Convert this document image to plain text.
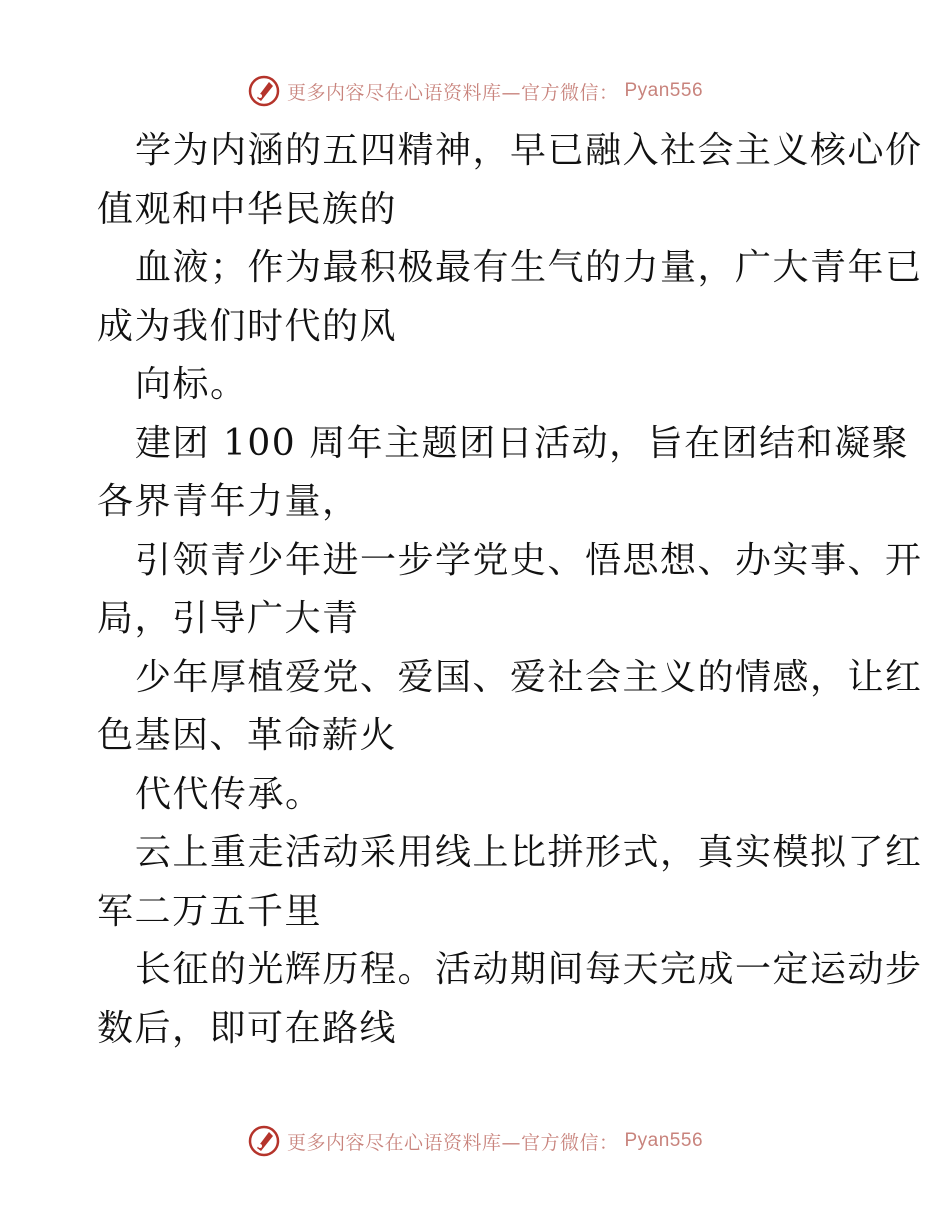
更多内容尽在心语资料库—官方微信： Pyan556
学为内涵的五四精神，早已融入社会主义核心价
值观和中华民族的
血液；作为最积极最有生气的力量，广大青年已
成为我们时代的风
向标。
建团 100 周年主题团日活动，旨在团结和凝聚
各界青年力量，
引领青少年进一步学党史、悟思想、办实事、开
局，引导广大青
少年厚植爱党、爱国、爱社会主义的情感，让红
色基因、革命薪火
代代传承。
云上重走活动采用线上比拼形式，真实模拟了红
军二万五千里
长征的光辉历程。活动期间每天完成一定运动步
数后，即可在路线
更多内容尽在心语资料库—官方微信： Pyan556
